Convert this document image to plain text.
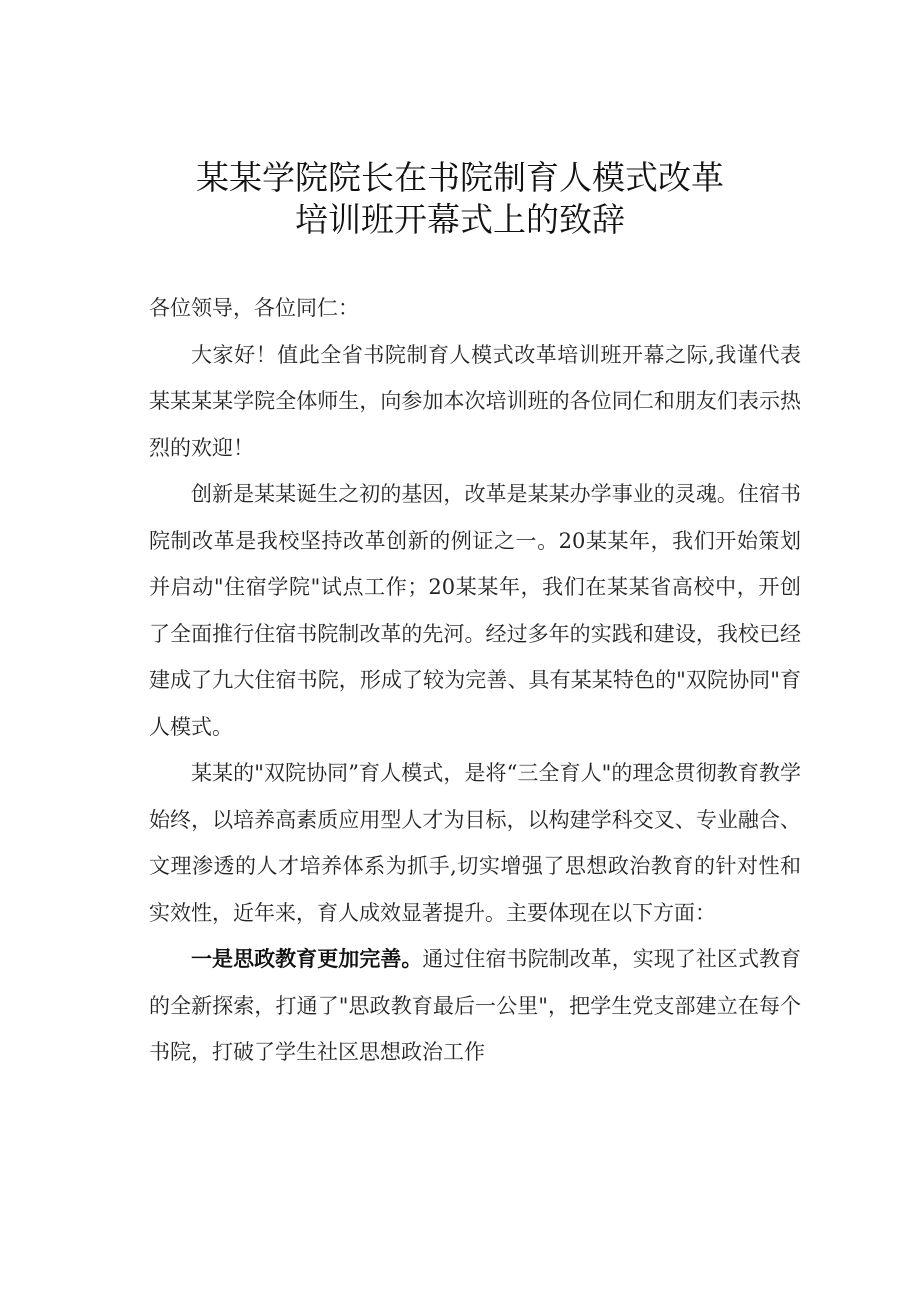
某某学院院长在书院制育人模式改革
培训班开幕式上的致辞

各位领导，各位同仁：

大家好！值此全省书院制育人模式改革培训班开幕之际,我谨代表某某某某学院全体师生，向参加本次培训班的各位同仁和朋友们表示热烈的欢迎！

创新是某某诞生之初的基因，改革是某某办学事业的灵魂。住宿书院制改革是我校坚持改革创新的例证之一。20某某年，我们开始策划并启动"住宿学院"试点工作；20某某年，我们在某某省高校中，开创了全面推行住宿书院制改革的先河。经过多年的实践和建设，我校已经建成了九大住宿书院，形成了较为完善、具有某某特色的"双院协同"育人模式。

某某的"双院协同”育人模式，是将“三全育人"的理念贯彻教育教学始终，以培养高素质应用型人才为目标，以构建学科交叉、专业融合、文理渗透的人才培养体系为抓手,切实增强了思想政治教育的针对性和实效性，近年来，育人成效显著提升。主要体现在以下方面：

一是思政教育更加完善。通过住宿书院制改革，实现了社区式教育的全新探索，打通了"思政教育最后一公里"，把学生党支部建立在每个书院，打破了学生社区思想政治工作
